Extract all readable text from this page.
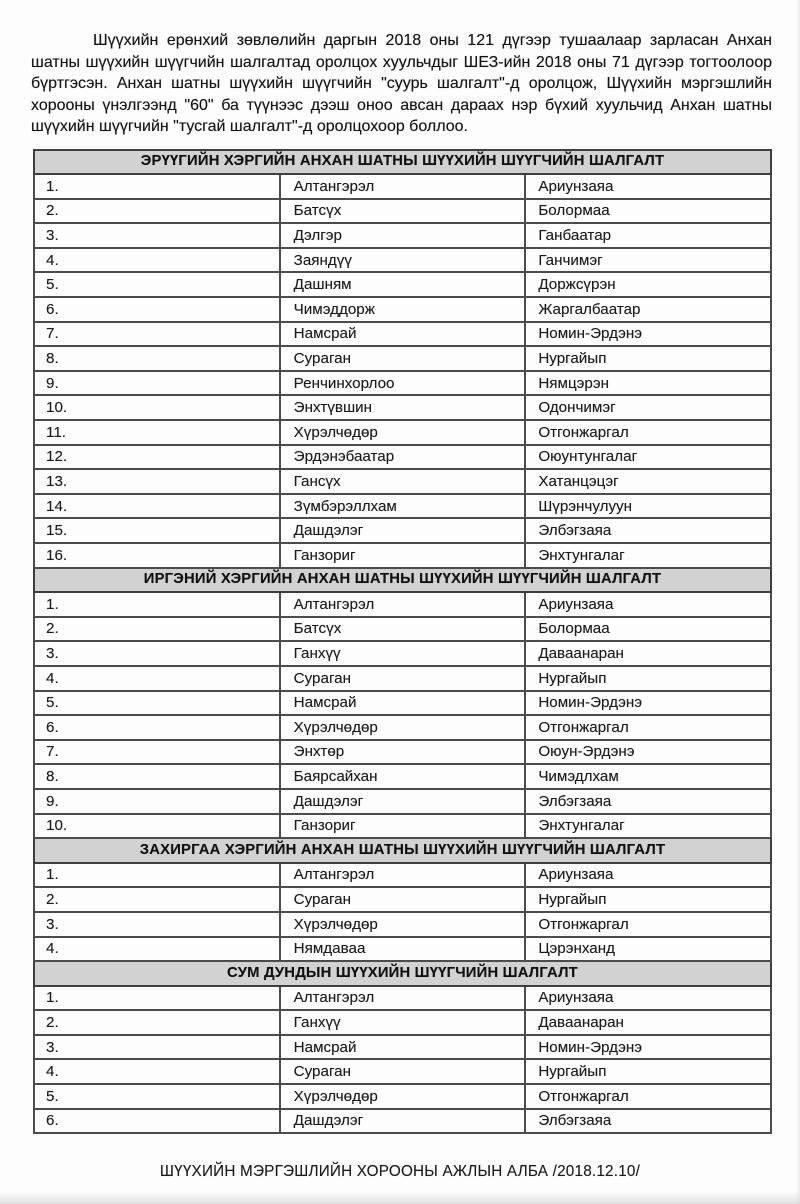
Шүүхийн ерөнхий зөвлөлийн даргын 2018 оны 121 дүгээр тушаалаар зарласан Анхан шатны шүүхийн шүүгчийн шалгалтад оролцох хуульчдыг ШЕЗ-ийн 2018 оны 71 дүгээр тогтоолоор бүртгэсэн. Анхан шатны шүүхийн шүүгчийн "суурь шалгалт"-д оролцож, Шүүхийн мэргэшлийн хорооны үнэлгээнд "60" ба түүнээс дээш оноо авсан дараах нэр бүхий хуульчид Анхан шатны шүүхийн шүүгчийн "тусгай шалгалт"-д оролцохоор боллоо.

ЭРҮҮГИЙН ХЭРГИЙН АНХАН ШАТНЫ ШҮҮХИЙН ШҮҮГЧИЙН ШАЛГАЛТ		
1.	Алтангэрэл	Ариунзаяа
2.	Батсүх	Болормаа
3.	Дэлгэр	Ганбаатар
4.	Заяндүү	Ганчимэг
5.	Дашням	Доржсүрэн
6.	Чимэддорж	Жаргалбаатар
7.	Намсрай	Номин-Эрдэнэ
8.	Сураган	Нургайып
9.	Ренчинхорлоо	Нямцэрэн
10.	Энхтүвшин	Одончимэг
11.	Хүрэлчөдөр	Отгонжаргал
12.	Эрдэнэбаатар	Оюунтунгалаг
13.	Гансүх	Хатанцэцэг
14.	Зүмбэрэллхам	Шүрэнчулуун
15.	Дашдэлэг	Элбэгзаяа
16.	Ганзориг	Энхтунгалаг
ИРГЭНИЙ ХЭРГИЙН АНХАН ШАТНЫ ШҮҮХИЙН ШҮҮГЧИЙН ШАЛГАЛТ		
1.	Алтангэрэл	Ариунзаяа
2.	Батсүх	Болормаа
3.	Ганхүү	Даваанаран
4.	Сураган	Нургайып
5.	Намсрай	Номин-Эрдэнэ
6.	Хүрэлчөдөр	Отгонжаргал
7.	Энхтөр	Оюун-Эрдэнэ
8.	Баярсайхан	Чимэдлхам
9.	Дашдэлэг	Элбэгзаяа
10.	Ганзориг	Энхтунгалаг
ЗАХИРГАА ХЭРГИЙН АНХАН ШАТНЫ ШҮҮХИЙН ШҮҮГЧИЙН ШАЛГАЛТ		
1.	Алтангэрэл	Ариунзаяа
2.	Сураган	Нургайып
3.	Хүрэлчөдөр	Отгонжаргал
4.	Нямдаваа	Цэрэнханд
СУМ ДУНДЫН ШҮҮХИЙН ШҮҮГЧИЙН ШАЛГАЛТ		
1.	Алтангэрэл	Ариунзаяа
2.	Ганхүү	Даваанаран
3.	Намсрай	Номин-Эрдэнэ
4.	Сураган	Нургайып
5.	Хүрэлчөдөр	Отгонжаргал
6.	Дашдэлэг	Элбэгзаяа
ШҮҮХИЙН МЭРГЭШЛИЙН ХОРООНЫ АЖЛЫН АЛБА /2018.12.10/
